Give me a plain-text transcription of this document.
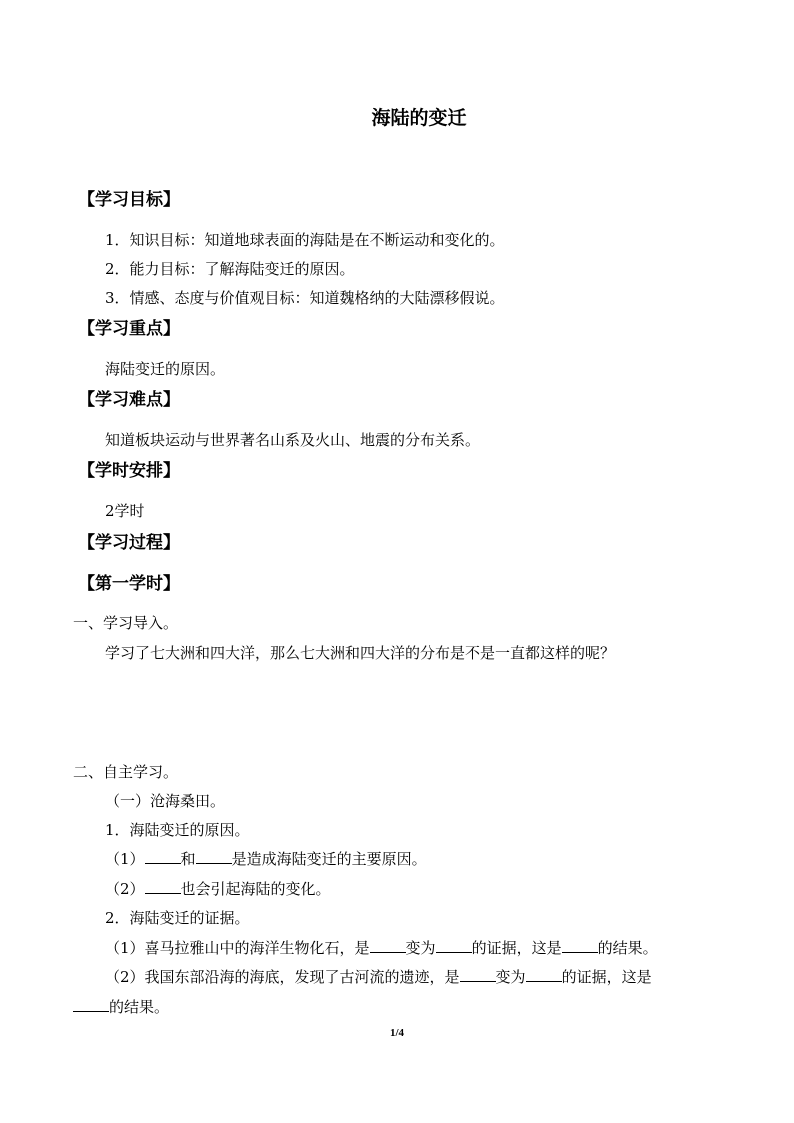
海陆的变迁
【学习目标】
1．知识目标：知道地球表面的海陆是在不断运动和变化的。
2．能力目标：了解海陆变迁的原因。
3．情感、态度与价值观目标：知道魏格纳的大陆漂移假说。
【学习重点】
海陆变迁的原因。
【学习难点】
知道板块运动与世界著名山系及火山、地震的分布关系。
【学时安排】
2学时
【学习过程】
【第一学时】
一、学习导入。
学习了七大洲和四大洋，那么七大洲和四大洋的分布是不是一直都这样的呢？
二、自主学习。
（一）沧海桑田。
1．海陆变迁的原因。
（1） 和 是造成海陆变迁的主要原因。
（2） 也会引起海陆的变化。
2．海陆变迁的证据。
（1）喜马拉雅山中的海洋生物化石，是 变为 的证据，这是 的结果。
（2）我国东部沿海的海底，发现了古河流的遗迹，是 变为 的证据，这是
的结果。
1/4
